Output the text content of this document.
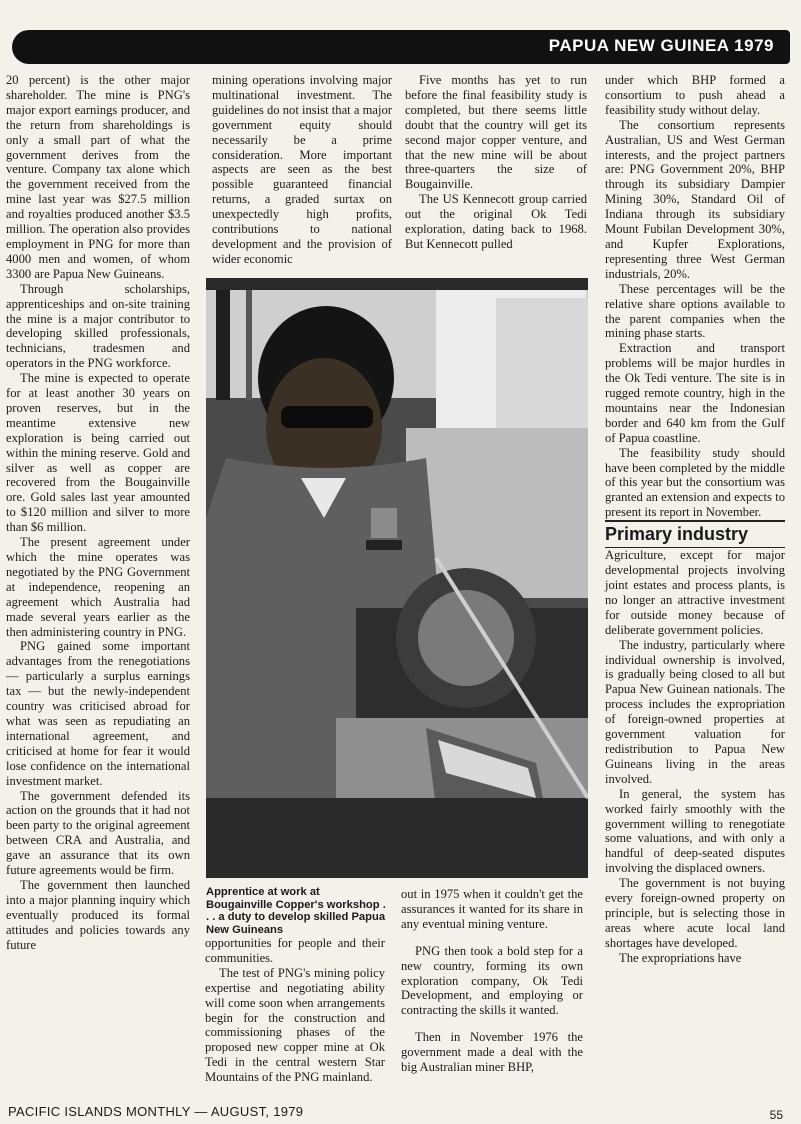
PAPUA NEW GUINEA 1979

20 percent) is the other major shareholder. The mine is PNG's major export earnings producer, and the return from shareholdings is only a small part of what the government derives from the venture. Company tax alone which the government received from the mine last year was $27.5 million and royalties produced another $3.5 million. The operation also provides employment in PNG for more than 4000 men and women, of whom 3300 are Papua New Guineans.

Through scholarships, apprenticeships and on-site training the mine is a major contributor to developing skilled professionals, technicians, tradesmen and operators in the PNG workforce.

The mine is expected to operate for at least another 30 years on proven reserves, but in the meantime extensive new exploration is being carried out within the mining reserve. Gold and silver as well as copper are recovered from the Bougainville ore. Gold sales last year amounted to $120 million and silver to more than $6 million.

The present agreement under which the mine operates was negotiated by the PNG Government at independence, reopening an agreement which Australia had made several years earlier as the then administering country in PNG.

PNG gained some important advantages from the renegotiations — particularly a surplus earnings tax — but the newly-independent country was criticised abroad for what was seen as repudiating an international agreement, and criticised at home for fear it would lose confidence on the international investment market.

The government defended its action on the grounds that it had not been party to the original agreement between CRA and Australia, and gave an assurance that its own future agreements would be firm.

The government then launched into a major planning inquiry which eventually produced its formal attitudes and policies towards any future

mining operations involving major multinational investment. The guidelines do not insist that a major government equity should necessarily be a prime consideration. More important aspects are seen as the best possible guaranteed financial returns, a graded surtax on unexpectedly high profits, contributions to national development and the provision of wider economic

Five months has yet to run before the final feasibility study is completed, but there seems little doubt that the country will get its second major copper venture, and that the new mine will be about three-quarters the size of Bougainville.

The US Kennecott group carried out the original Ok Tedi exploration, dating back to 1968. But Kennecott pulled

under which BHP formed a consortium to push ahead a feasibility study without delay.

The consortium represents Australian, US and West German interests, and the project partners are: PNG Government 20%, BHP through its subsidiary Dampier Mining 30%, Standard Oil of Indiana through its subsidiary Mount Fubilan Development 30%, and Kupfer Explorations, representing three West German industrials, 20%.

These percentages will be the relative share options available to the parent companies when the mining phase starts.

Extraction and transport problems will be major hurdles in the Ok Tedi venture. The site is in rugged remote country, high in the mountains near the Indonesian border and 640 km from the Gulf of Papua coastline.

The feasibility study should have been completed by the middle of this year but the consortium was granted an extension and expects to present its report in November.

Primary industry

Agriculture, except for major developmental projects involving joint estates and process plants, is no longer an attractive investment for outside money because of deliberate government policies.

The industry, particularly where individual ownership is involved, is gradually being closed to all but Papua New Guinean nationals. The process includes the expropriation of foreign-owned properties at government valuation for redistribution to Papua New Guineans living in the areas involved.

In general, the system has worked fairly smoothly with the government willing to renegotiate some valuations, and with only a handful of deep-seated disputes involving the displaced owners.

The government is not buying every foreign-owned property on principle, but is selecting those in areas where acute local land shortages have developed.

The expropriations have

Apprentice at work at Bougainville Copper's workshop . . . a duty to develop skilled Papua New Guineans

opportunities for people and their communities.

The test of PNG's mining policy expertise and negotiating ability will come soon when arrangements begin for the construction and commissioning phases of the proposed new copper mine at Ok Tedi in the central western Star Mountains of the PNG mainland.

out in 1975 when it couldn't get the assurances it wanted for its share in any eventual mining venture.

PNG then took a bold step for a new country, forming its own exploration company, Ok Tedi Development, and employing or contracting the skills it wanted.

Then in November 1976 the government made a deal with the big Australian miner BHP,

PACIFIC ISLANDS MONTHLY — AUGUST, 1979	55
